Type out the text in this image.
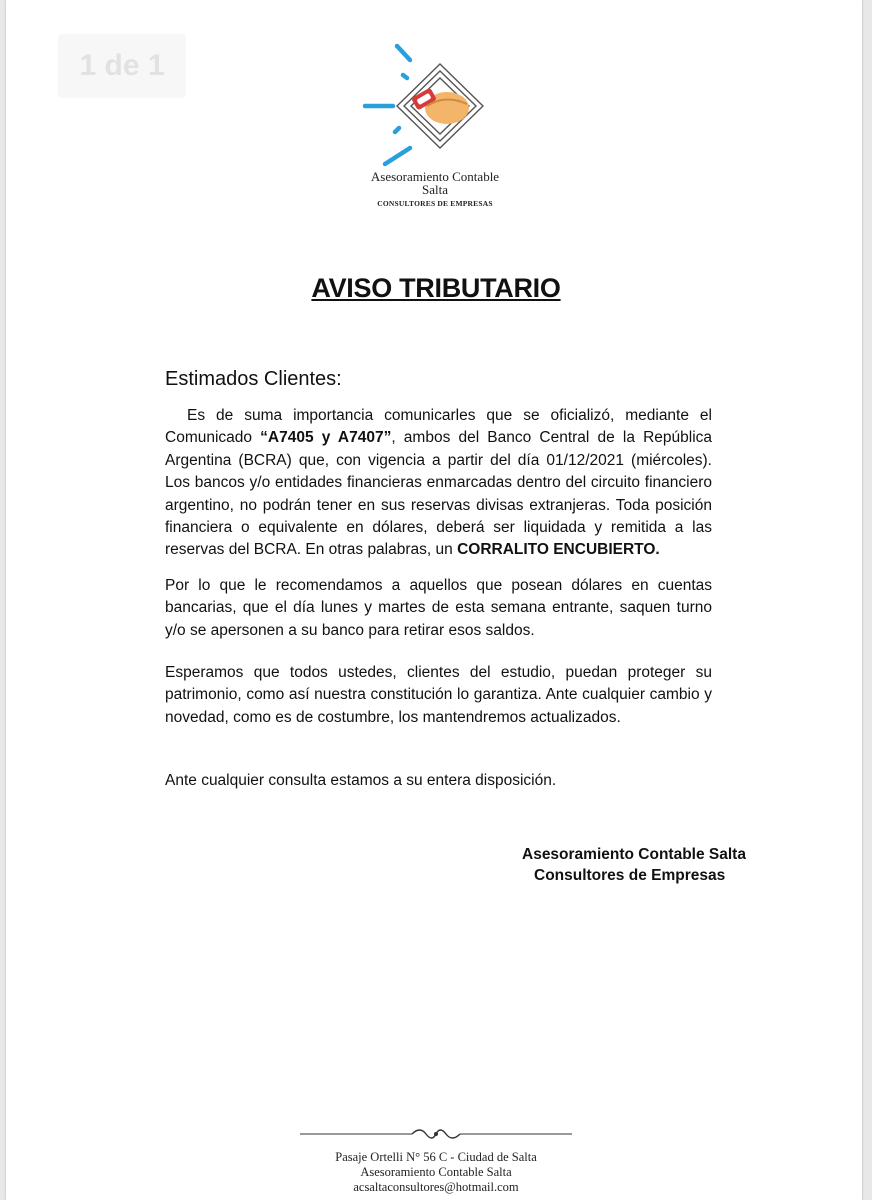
1 de 1
Asesoramiento Contable
Salta
CONSULTORES DE EMPRESAS
AVISO TRIBUTARIO
Estimados Clientes:

Es de suma importancia comunicarles que se oficializó, mediante el Comunicado “A7405 y A7407”, ambos del Banco Central de la República Argentina (BCRA) que, con vigencia a partir del día 01/12/2021 (miércoles). Los bancos y/o entidades financieras enmarcadas dentro del circuito financiero argentino, no podrán tener en sus reservas divisas extranjeras. Toda posición financiera o equivalente en dólares, deberá ser liquidada y remitida a las reservas del BCRA. En otras palabras, un CORRALITO ENCUBIERTO.

Por lo que le recomendamos a aquellos que posean dólares en cuentas bancarias, que el día lunes y martes de esta semana entrante, saquen turno y/o se apersonen a su banco para retirar esos saldos.

Esperamos que todos ustedes, clientes del estudio, puedan proteger su patrimonio, como así nuestra constitución lo garantiza. Ante cualquier cambio y novedad, como es de costumbre, los mantendremos actualizados.

Ante cualquier consulta estamos a su entera disposición.

Asesoramiento Contable Salta
Consultores de Empresas
Pasaje Ortelli N° 56 C - Ciudad de Salta
Asesoramiento Contable Salta
acsaltaconsultores@hotmail.com
